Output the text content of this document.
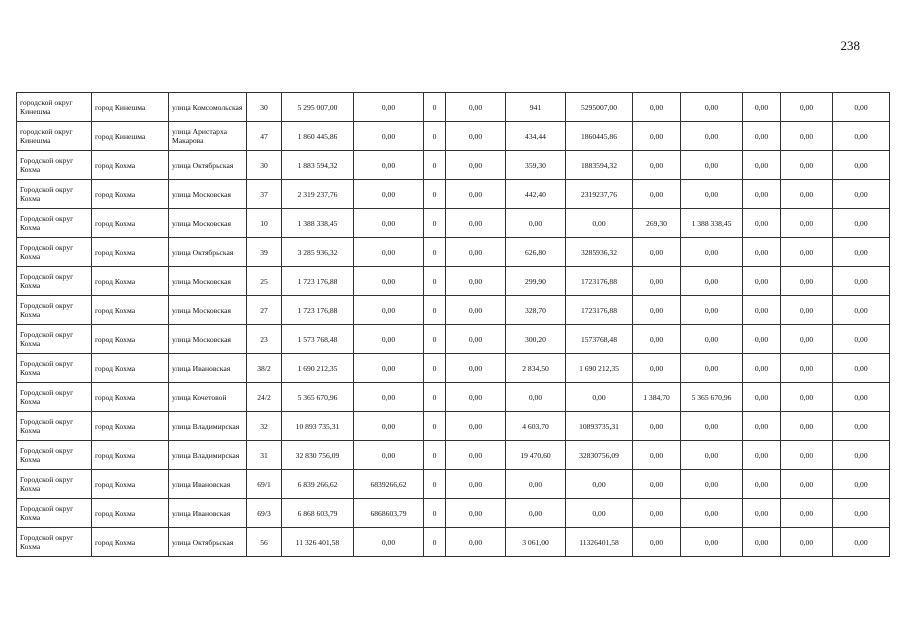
238
городской округ Кинешма	город Кинешма	улица Комсомольская	30	5 295 007,00	0,00	0	0,00	941	5295007,00	0,00	0,00	0,00	0,00	0,00
городской округ Кинешма	город Кинешма	улица Аристарха Макарова	47	1 860 445,86	0,00	0	0,00	434,44	1860445,86	0,00	0,00	0,00	0,00	0,00
Городской округ Кохма	город Кохма	улица Октябрьская	30	1 883 594,32	0,00	0	0,00	359,30	1883594,32	0,00	0,00	0,00	0,00	0,00
Городской округ Кохма	город Кохма	улица Московская	37	2 319 237,76	0,00	0	0,00	442,40	2319237,76	0,00	0,00	0,00	0,00	0,00
Городской округ Кохма	город Кохма	улица Московская	10	1 388 338,45	0,00	0	0,00	0,00	0,00	269,30	1 388 338,45	0,00	0,00	0,00
Городской округ Кохма	город Кохма	улица Октябрьская	39	3 285 936,32	0,00	0	0,00	626,80	3285936,32	0,00	0,00	0,00	0,00	0,00
Городской округ Кохма	город Кохма	улица Московская	25	1 723 176,88	0,00	0	0,00	299,90	1723176,88	0,00	0,00	0,00	0,00	0,00
Городской округ Кохма	город Кохма	улица Московская	27	1 723 176,88	0,00	0	0,00	328,70	1723176,88	0,00	0,00	0,00	0,00	0,00
Городской округ Кохма	город Кохма	улица Московская	23	1 573 768,48	0,00	0	0,00	300,20	1573768,48	0,00	0,00	0,00	0,00	0,00
Городской округ Кохма	город Кохма	улица Ивановская	38/2	1 690 212,35	0,00	0	0,00	2 834,50	1 690 212,35	0,00	0,00	0,00	0,00	0,00
Городской округ Кохма	город Кохма	улица Кочетовой	24/2	5 365 670,96	0,00	0	0,00	0,00	0,00	1 384,70	5 365 670,96	0,00	0,00	0,00
Городской округ Кохма	город Кохма	улица Владимирская	32	10 893 735,31	0,00	0	0,00	4 603,70	10893735,31	0,00	0,00	0,00	0,00	0,00
Городской округ Кохма	город Кохма	улица Владимирская	31	32 830 756,09	0,00	0	0,00	19 470,60	32830756,09	0,00	0,00	0,00	0,00	0,00
Городской округ Кохма	город Кохма	улица Ивановская	69/1	6 839 266,62	6839266,62	0	0,00	0,00	0,00	0,00	0,00	0,00	0,00	0,00
Городской округ Кохма	город Кохма	улица Ивановская	69/3	6 868 603,79	6868603,79	0	0,00	0,00	0,00	0,00	0,00	0,00	0,00	0,00
Городской округ Кохма	город Кохма	улица Октябрьская	56	11 326 401,58	0,00	0	0,00	3 061,00	11326401,58	0,00	0,00	0,00	0,00	0,00
